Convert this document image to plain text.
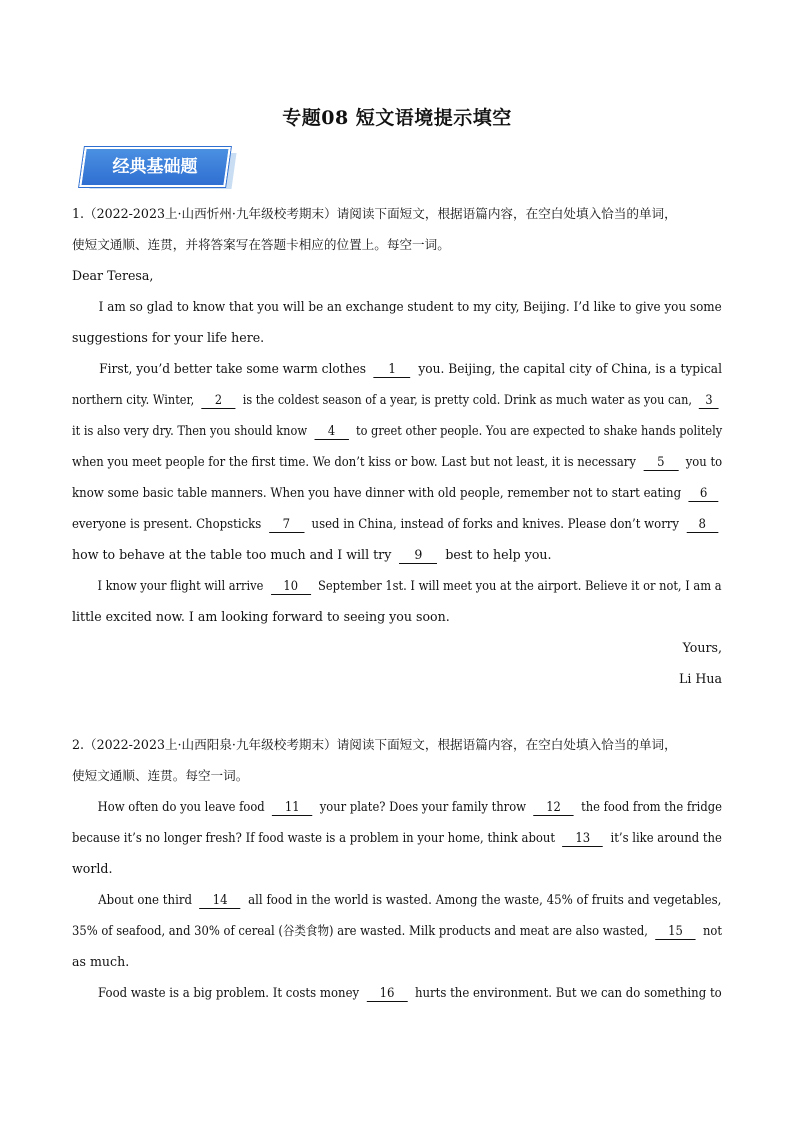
专题08 短文语境提示填空
经典基础题
1.（2022-2023上·山西忻州·九年级校考期末）请阅读下面短文，根据语篇内容，在空白处填入恰当的单词，
使短文通顺、连贯，并将答案写在答题卡相应的位置上。每空一词。
Dear Teresa,
I am so glad to know that you will be an exchange student to my city, Beijing. I’d like to give you some
suggestions for your life here.
First, you’d better take some warm clothes 1 you. Beijing, the capital city of China, is a typical
northern city. Winter, 2 is the coldest season of a year, is pretty cold. Drink as much water as you can, 3
it is also very dry. Then you should know 4 to greet other people. You are expected to shake hands politely
when you meet people for the first time. We don’t kiss or bow. Last but not least, it is necessary 5 you to
know some basic table manners. When you have dinner with old people, remember not to start eating 6
everyone is present. Chopsticks 7 used in China, instead of forks and knives. Please don’t worry 8
how to behave at the table too much and I will try 9 best to help you.
I know your flight will arrive 10 September 1st. I will meet you at the airport. Believe it or not, I am a
little excited now. I am looking forward to seeing you soon.
Yours,
Li Hua
2.（2022-2023上·山西阳泉·九年级校考期末）请阅读下面短文，根据语篇内容，在空白处填入恰当的单词，
使短文通顺、连贯。每空一词。
How often do you leave food 11 your plate? Does your family throw 12 the food from the fridge
because it’s no longer fresh? If food waste is a problem in your home, think about 13 it’s like around the
world.
About one third 14 all food in the world is wasted. Among the waste, 45% of fruits and vegetables,
35% of seafood, and 30% of cereal (谷类食物) are wasted. Milk products and meat are also wasted, 15 not
as much.
Food waste is a big problem. It costs money 16 hurts the environment. But we can do something to
